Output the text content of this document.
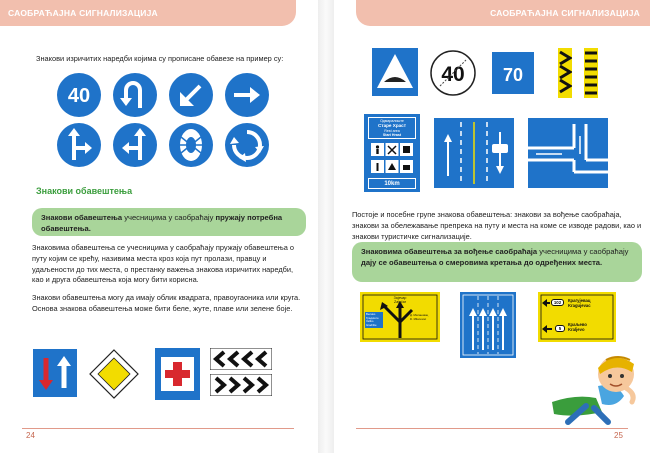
САОБРАЋАЈНА СИГНАЛИЗАЦИЈА
Знакови изричитих наредби којима су прописане обавезе на пример су:
40
Знакови обавештења
Знакови обавештења учесницима у саобраћају пружају потребна обавештења.
Знаковима обавештења се учесницима у саобраћају пружају обавештења о путу којим се крећу, називима места кроз која пут пролази, правцу и удаљености до тих места, о престанку важења знакова изричитих наредби, као и друга обавештења која могу бити корисна.
Знакови обавештења могу да имају облик квадрата, правоугаоника или круга. Основа знакова обавештења може бити беле, жуте, плаве или зелене боје.
24
САОБРАЋАЈНА СИГНАЛИЗАЦИЈА
40 70
Одмаралиште
Старе Храст
Rest area
Stari Hrast
10km
Постоје и посебне групе знакова обавештења: знакови за вођење саобраћаја, знакови за обележавање препрека на путу и места на коме се изводе радови, као и знакови туристичке сигнализације.
Знаковима обавештења за вођење саобраћаја учесницима у саобраћају дају се обавештења о смеровима кретања до одређених места.
Зајечар
Zaječar
Велико Градиште
Veliko Gradište
Д. Милановац
D. Milanovac
102	Крагујевац
Kragujevac
5
Краљево
Kraljevo
25
